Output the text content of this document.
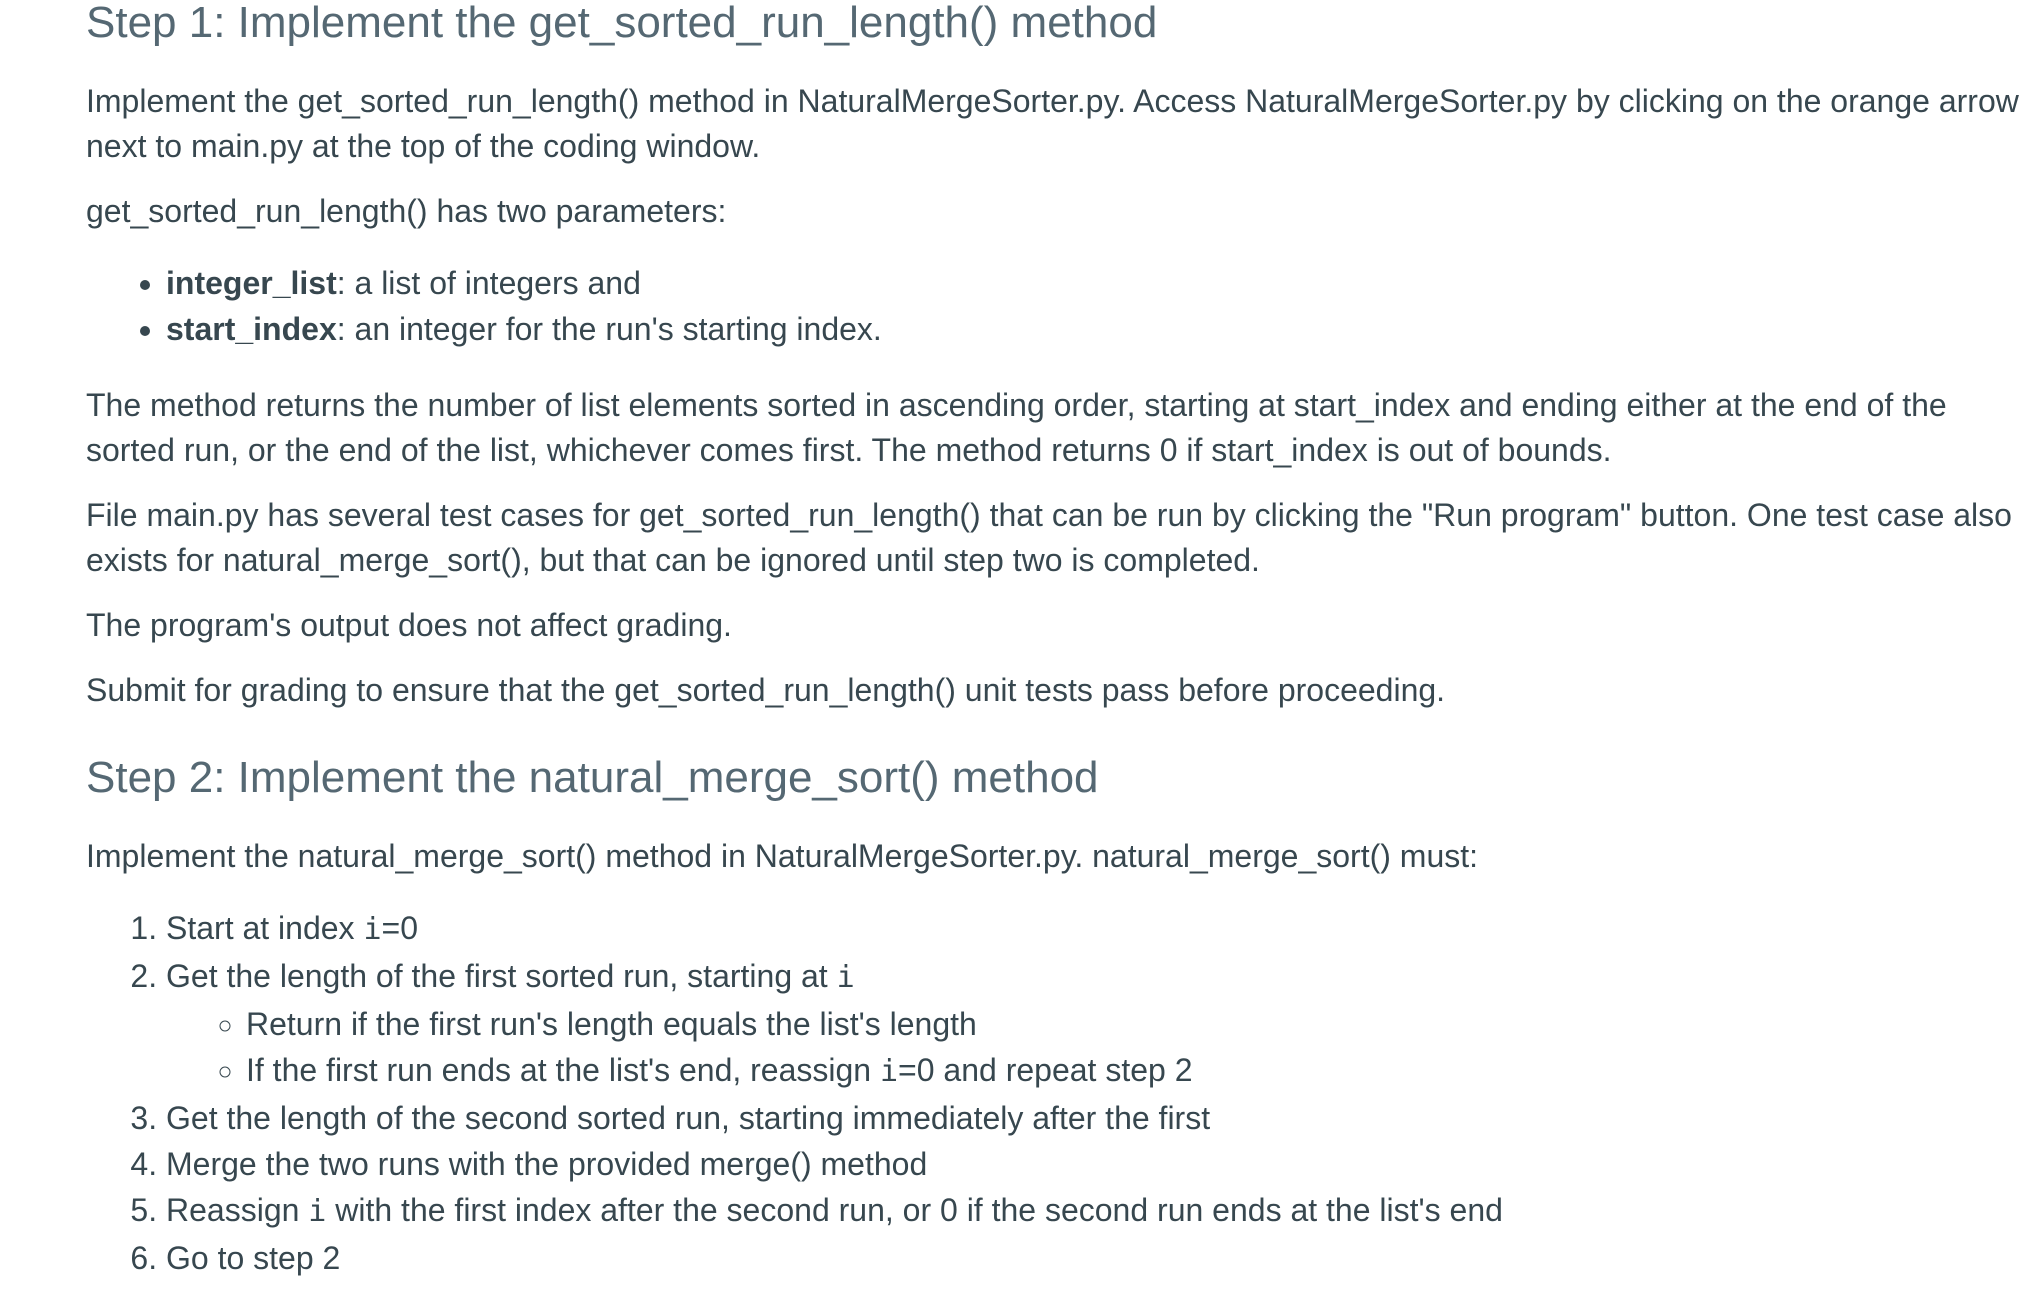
Step 1: Implement the get_sorted_run_length() method

Implement the get_sorted_run_length() method in NaturalMergeSorter.py. Access NaturalMergeSorter.py by clicking on the orange arrow next to main.py at the top of the coding window.

get_sorted_run_length() has two parameters:

• integer_list: a list of integers and
• start_index: an integer for the run's starting index.

The method returns the number of list elements sorted in ascending order, starting at start_index and ending either at the end of the sorted run, or the end of the list, whichever comes first. The method returns 0 if start_index is out of bounds.

File main.py has several test cases for get_sorted_run_length() that can be run by clicking the "Run program" button. One test case also exists for natural_merge_sort(), but that can be ignored until step two is completed.

The program's output does not affect grading.

Submit for grading to ensure that the get_sorted_run_length() unit tests pass before proceeding.

Step 2: Implement the natural_merge_sort() method

Implement the natural_merge_sort() method in NaturalMergeSorter.py. natural_merge_sort() must:

1. Start at index i=0
2. Get the length of the first sorted run, starting at i
◦ Return if the first run's length equals the list's length
◦ If the first run ends at the list's end, reassign i=0 and repeat step 2
3. Get the length of the second sorted run, starting immediately after the first
4. Merge the two runs with the provided merge() method
5. Reassign i with the first index after the second run, or 0 if the second run ends at the list's end
6. Go to step 2
